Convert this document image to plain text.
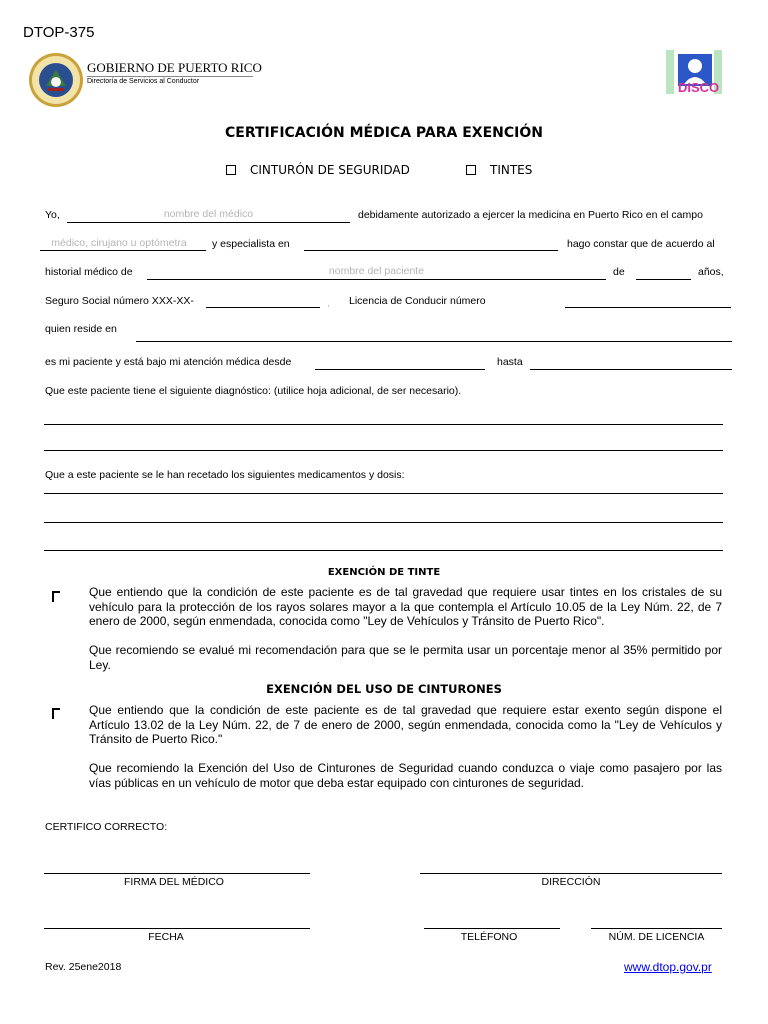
DTOP-375
GOBIERNO DE PUERTO RICO
Directoría de Servicios al Conductor	DISCO
CERTIFICACIÓN MÉDICA PARA EXENCIÓN
CINTURÓN DE SEGURIDAD	TINTES
Yo,	nombre del médico	debidamente autorizado a ejercer la medicina en Puerto Rico en el campo
médico, cirujano u optómetra	y especialista en	hago constar que de acuerdo al
historial médico de	nombre del paciente	de	años,
Seguro Social número XXX-XX-	, Licencia de Conducir número
quien reside en
es mi paciente y está bajo mi atención médica desde	hasta
Que este paciente tiene el siguiente diagnóstico: (utilice hoja adicional, de ser necesario).
Que a este paciente se le han recetado los siguientes medicamentos y dosis:
EXENCIÓN DE TINTE
Que entiendo que la condición de este paciente es de tal gravedad que requiere usar tintes en los cristales de su vehículo para la protección de los rayos solares mayor a la que contempla el Artículo 10.05 de la Ley Núm. 22, de 7 enero de 2000, según enmendada, conocida como "Ley de Vehículos y Tránsito de Puerto Rico".
Que recomiendo se evalué mi recomendación para que se le permita usar un porcentaje menor al 35% permitido por Ley.
EXENCIÓN DEL USO DE CINTURONES
Que entiendo que la condición de este paciente es de tal gravedad que requiere estar exento según dispone el Artículo 13.02 de la Ley Núm. 22, de 7 de enero de 2000, según enmendada, conocida como la "Ley de Vehículos y Tránsito de Puerto Rico."
Que recomiendo la Exención del Uso de Cinturones de Seguridad cuando conduzca o viaje como pasajero por las vías públicas en un vehículo de motor que deba estar equipado con cinturones de seguridad.
CERTIFICO CORRECTO:
FIRMA DEL MÉDICO	DIRECCIÓN
FECHA	TELÉFONO	NÚM. DE LICENCIA
Rev. 25ene2018	www.dtop.gov.pr
